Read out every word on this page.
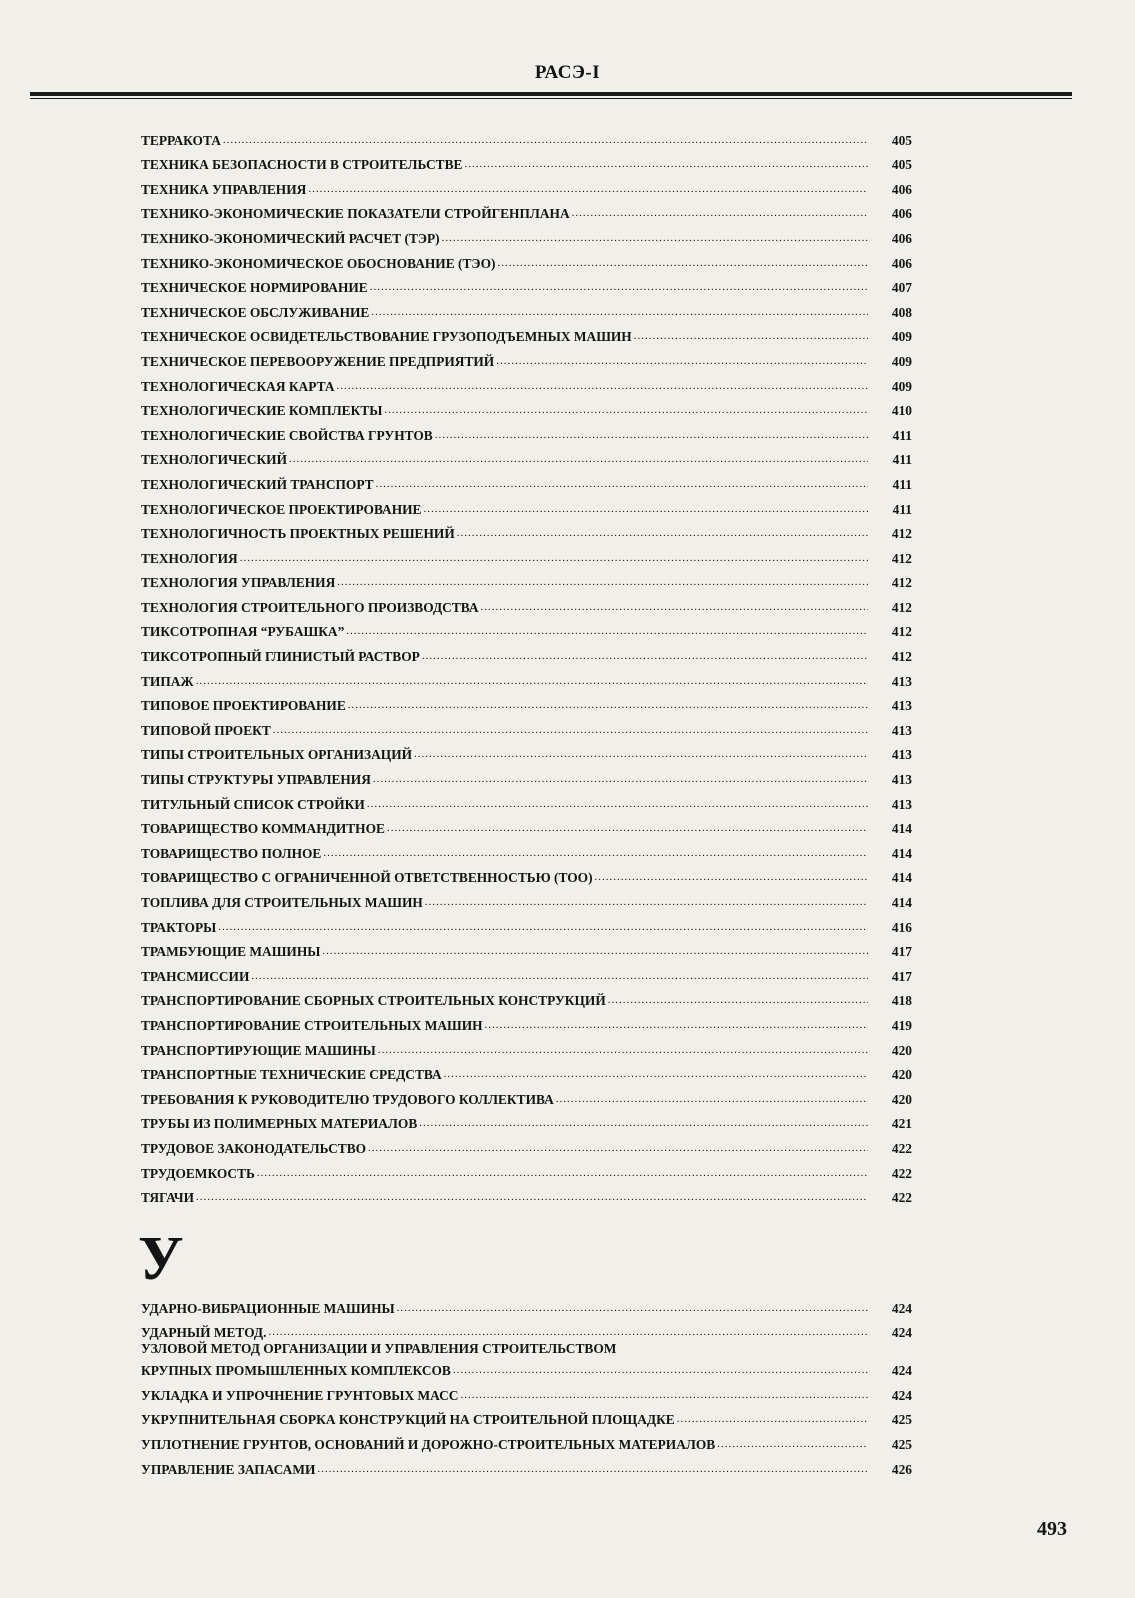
РАСЭ-I
ТЕРРАКОТА .....	405
ТЕХНИКА БЕЗОПАСНОСТИ В СТРОИТЕЛЬСТВЕ .....	405
ТЕХНИКА УПРАВЛЕНИЯ .....	406
ТЕХНИКО-ЭКОНОМИЧЕСКИЕ ПОКАЗАТЕЛИ СТРОЙГЕНПЛАНА .....	406
ТЕХНИКО-ЭКОНОМИЧЕСКИЙ РАСЧЕТ (ТЭР) .....	406
ТЕХНИКО-ЭКОНОМИЧЕСКОЕ ОБОСНОВАНИЕ (ТЭО) .....	406
ТЕХНИЧЕСКОЕ НОРМИРОВАНИЕ .....	407
ТЕХНИЧЕСКОЕ ОБСЛУЖИВАНИЕ .....	408
ТЕХНИЧЕСКОЕ ОСВИДЕТЕЛЬСТВОВАНИЕ ГРУЗОПОДЪЕМНЫХ МАШИН .....	409
ТЕХНИЧЕСКОЕ ПЕРЕВООРУЖЕНИЕ ПРЕДПРИЯТИЙ .....	409
ТЕХНОЛОГИЧЕСКАЯ КАРТА .....	409
ТЕХНОЛОГИЧЕСКИЕ КОМПЛЕКТЫ .....	410
ТЕХНОЛОГИЧЕСКИЕ СВОЙСТВА ГРУНТОВ .....	411
ТЕХНОЛОГИЧЕСКИЙ .....	411
ТЕХНОЛОГИЧЕСКИЙ ТРАНСПОРТ .....	411
ТЕХНОЛОГИЧЕСКОЕ ПРОЕКТИРОВАНИЕ .....	411
ТЕХНОЛОГИЧНОСТЬ ПРОЕКТНЫХ РЕШЕНИЙ .....	412
ТЕХНОЛОГИЯ .....	412
ТЕХНОЛОГИЯ УПРАВЛЕНИЯ .....	412
ТЕХНОЛОГИЯ СТРОИТЕЛЬНОГО ПРОИЗВОДСТВА .....	412
ТИКСОТРОПНАЯ “РУБАШКА” .....	412
ТИКСОТРОПНЫЙ ГЛИНИСТЫЙ РАСТВОР .....	412
ТИПАЖ .....	413
ТИПОВОЕ ПРОЕКТИРОВАНИЕ .....	413
ТИПОВОЙ ПРОЕКТ .....	413
ТИПЫ СТРОИТЕЛЬНЫХ ОРГАНИЗАЦИЙ .....	413
ТИПЫ СТРУКТУРЫ УПРАВЛЕНИЯ .....	413
ТИТУЛЬНЫЙ СПИСОК СТРОЙКИ .....	413
ТОВАРИЩЕСТВО КОММАНДИТНОЕ .....	414
ТОВАРИЩЕСТВО ПОЛНОЕ .....	414
ТОВАРИЩЕСТВО С ОГРАНИЧЕННОЙ ОТВЕТСТВЕННОСТЬЮ (ТОО) .....	414
ТОПЛИВА ДЛЯ СТРОИТЕЛЬНЫХ МАШИН .....	414
ТРАКТОРЫ .....	416
ТРАМБУЮЩИЕ МАШИНЫ .....	417
ТРАНСМИССИИ .....	417
ТРАНСПОРТИРОВАНИЕ СБОРНЫХ СТРОИТЕЛЬНЫХ КОНСТРУКЦИЙ .....	418
ТРАНСПОРТИРОВАНИЕ СТРОИТЕЛЬНЫХ МАШИН .....	419
ТРАНСПОРТИРУЮЩИЕ МАШИНЫ .....	420
ТРАНСПОРТНЫЕ ТЕХНИЧЕСКИЕ СРЕДСТВА .....	420
ТРЕБОВАНИЯ К РУКОВОДИТЕЛЮ ТРУДОВОГО КОЛЛЕКТИВА .....	420
ТРУБЫ ИЗ ПОЛИМЕРНЫХ МАТЕРИАЛОВ .....	421
ТРУДОВОЕ ЗАКОНОДАТЕЛЬСТВО .....	422
ТРУДОЕМКОСТЬ .....	422
ТЯГАЧИ .....	422
У
УДАРНО-ВИБРАЦИОННЫЕ МАШИНЫ .....	424
УДАРНЫЙ МЕТОД. .....	424
УЗЛОВОЙ МЕТОД ОРГАНИЗАЦИИ И УПРАВЛЕНИЯ СТРОИТЕЛЬСТВОМ
КРУПНЫХ ПРОМЫШЛЕННЫХ КОМПЛЕКСОВ .....	424
УКЛАДКА И УПРОЧНЕНИЕ ГРУНТОВЫХ МАСС .....	424
УКРУПНИТЕЛЬНАЯ СБОРКА КОНСТРУКЦИЙ НА СТРОИТЕЛЬНОЙ ПЛОЩАДКЕ .....	425
УПЛОТНЕНИЕ ГРУНТОВ, ОСНОВАНИЙ И ДОРОЖНО-СТРОИТЕЛЬНЫХ МАТЕРИАЛОВ .....	425
УПРАВЛЕНИЕ ЗАПАСАМИ .....	426
493
